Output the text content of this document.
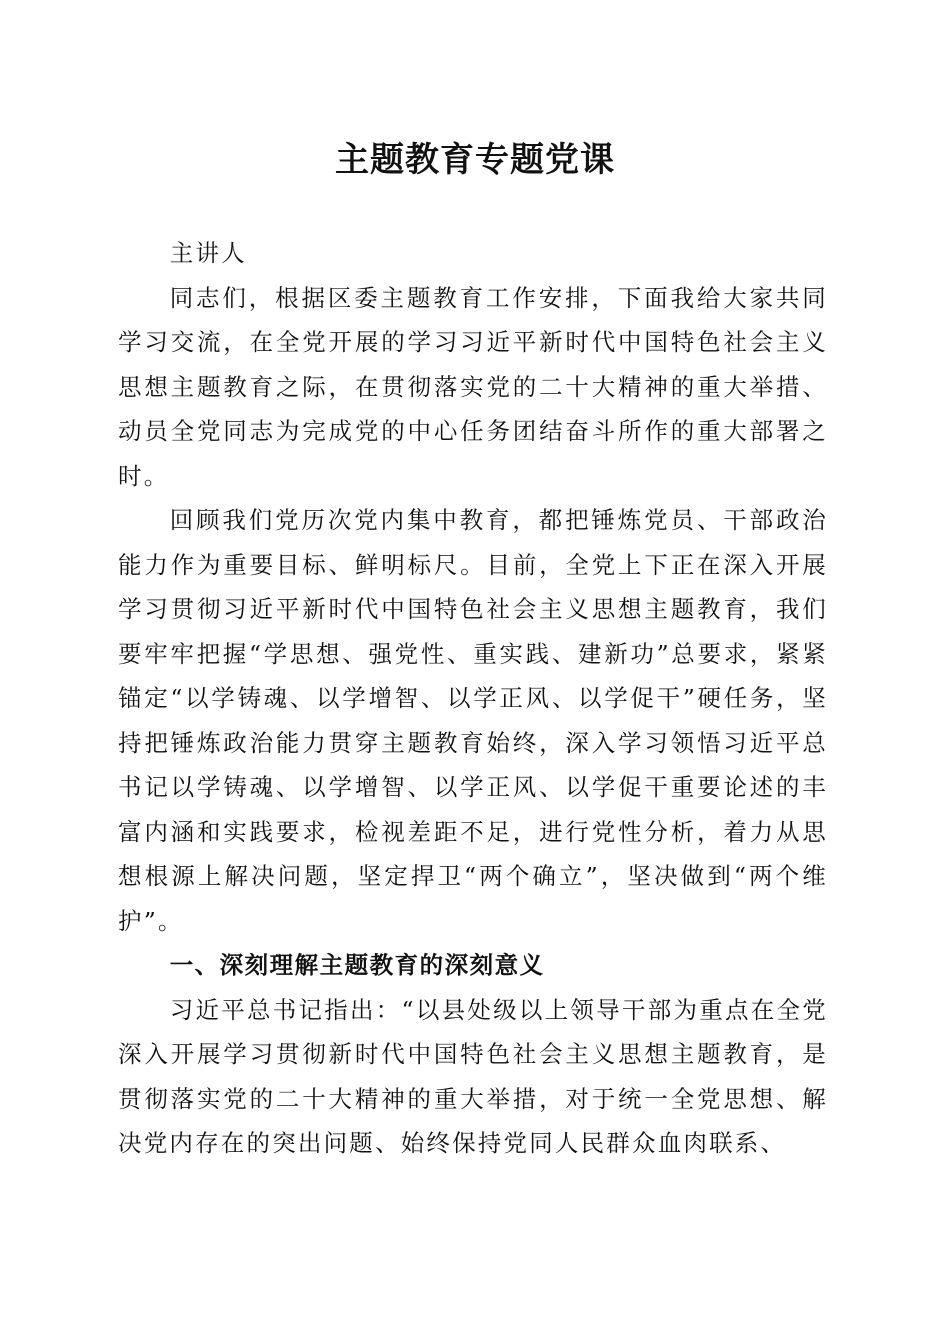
主题教育专题党课

主讲人

同志们，根据区委主题教育工作安排，下面我给大家共同学习交流，在全党开展的学习习近平新时代中国特色社会主义思想主题教育之际，在贯彻落实党的二十大精神的重大举措、动员全党同志为完成党的中心任务团结奋斗所作的重大部署之时。

回顾我们党历次党内集中教育，都把锤炼党员、干部政治能力作为重要目标、鲜明标尺。目前，全党上下正在深入开展学习贯彻习近平新时代中国特色社会主义思想主题教育，我们要牢牢把握“学思想、强党性、重实践、建新功”总要求，紧紧锚定“以学铸魂、以学增智、以学正风、以学促干”硬任务，坚持把锤炼政治能力贯穿主题教育始终，深入学习领悟习近平总书记以学铸魂、以学增智、以学正风、以学促干重要论述的丰富内涵和实践要求，检视差距不足，进行党性分析，着力从思想根源上解决问题，坚定捍卫“两个确立”，坚决做到“两个维护”。

一、深刻理解主题教育的深刻意义

习近平总书记指出：“以县处级以上领导干部为重点在全党深入开展学习贯彻新时代中国特色社会主义思想主题教育，是贯彻落实党的二十大精神的重大举措，对于统一全党思想、解决党内存在的突出问题、始终保持党同人民群众血肉联系、
